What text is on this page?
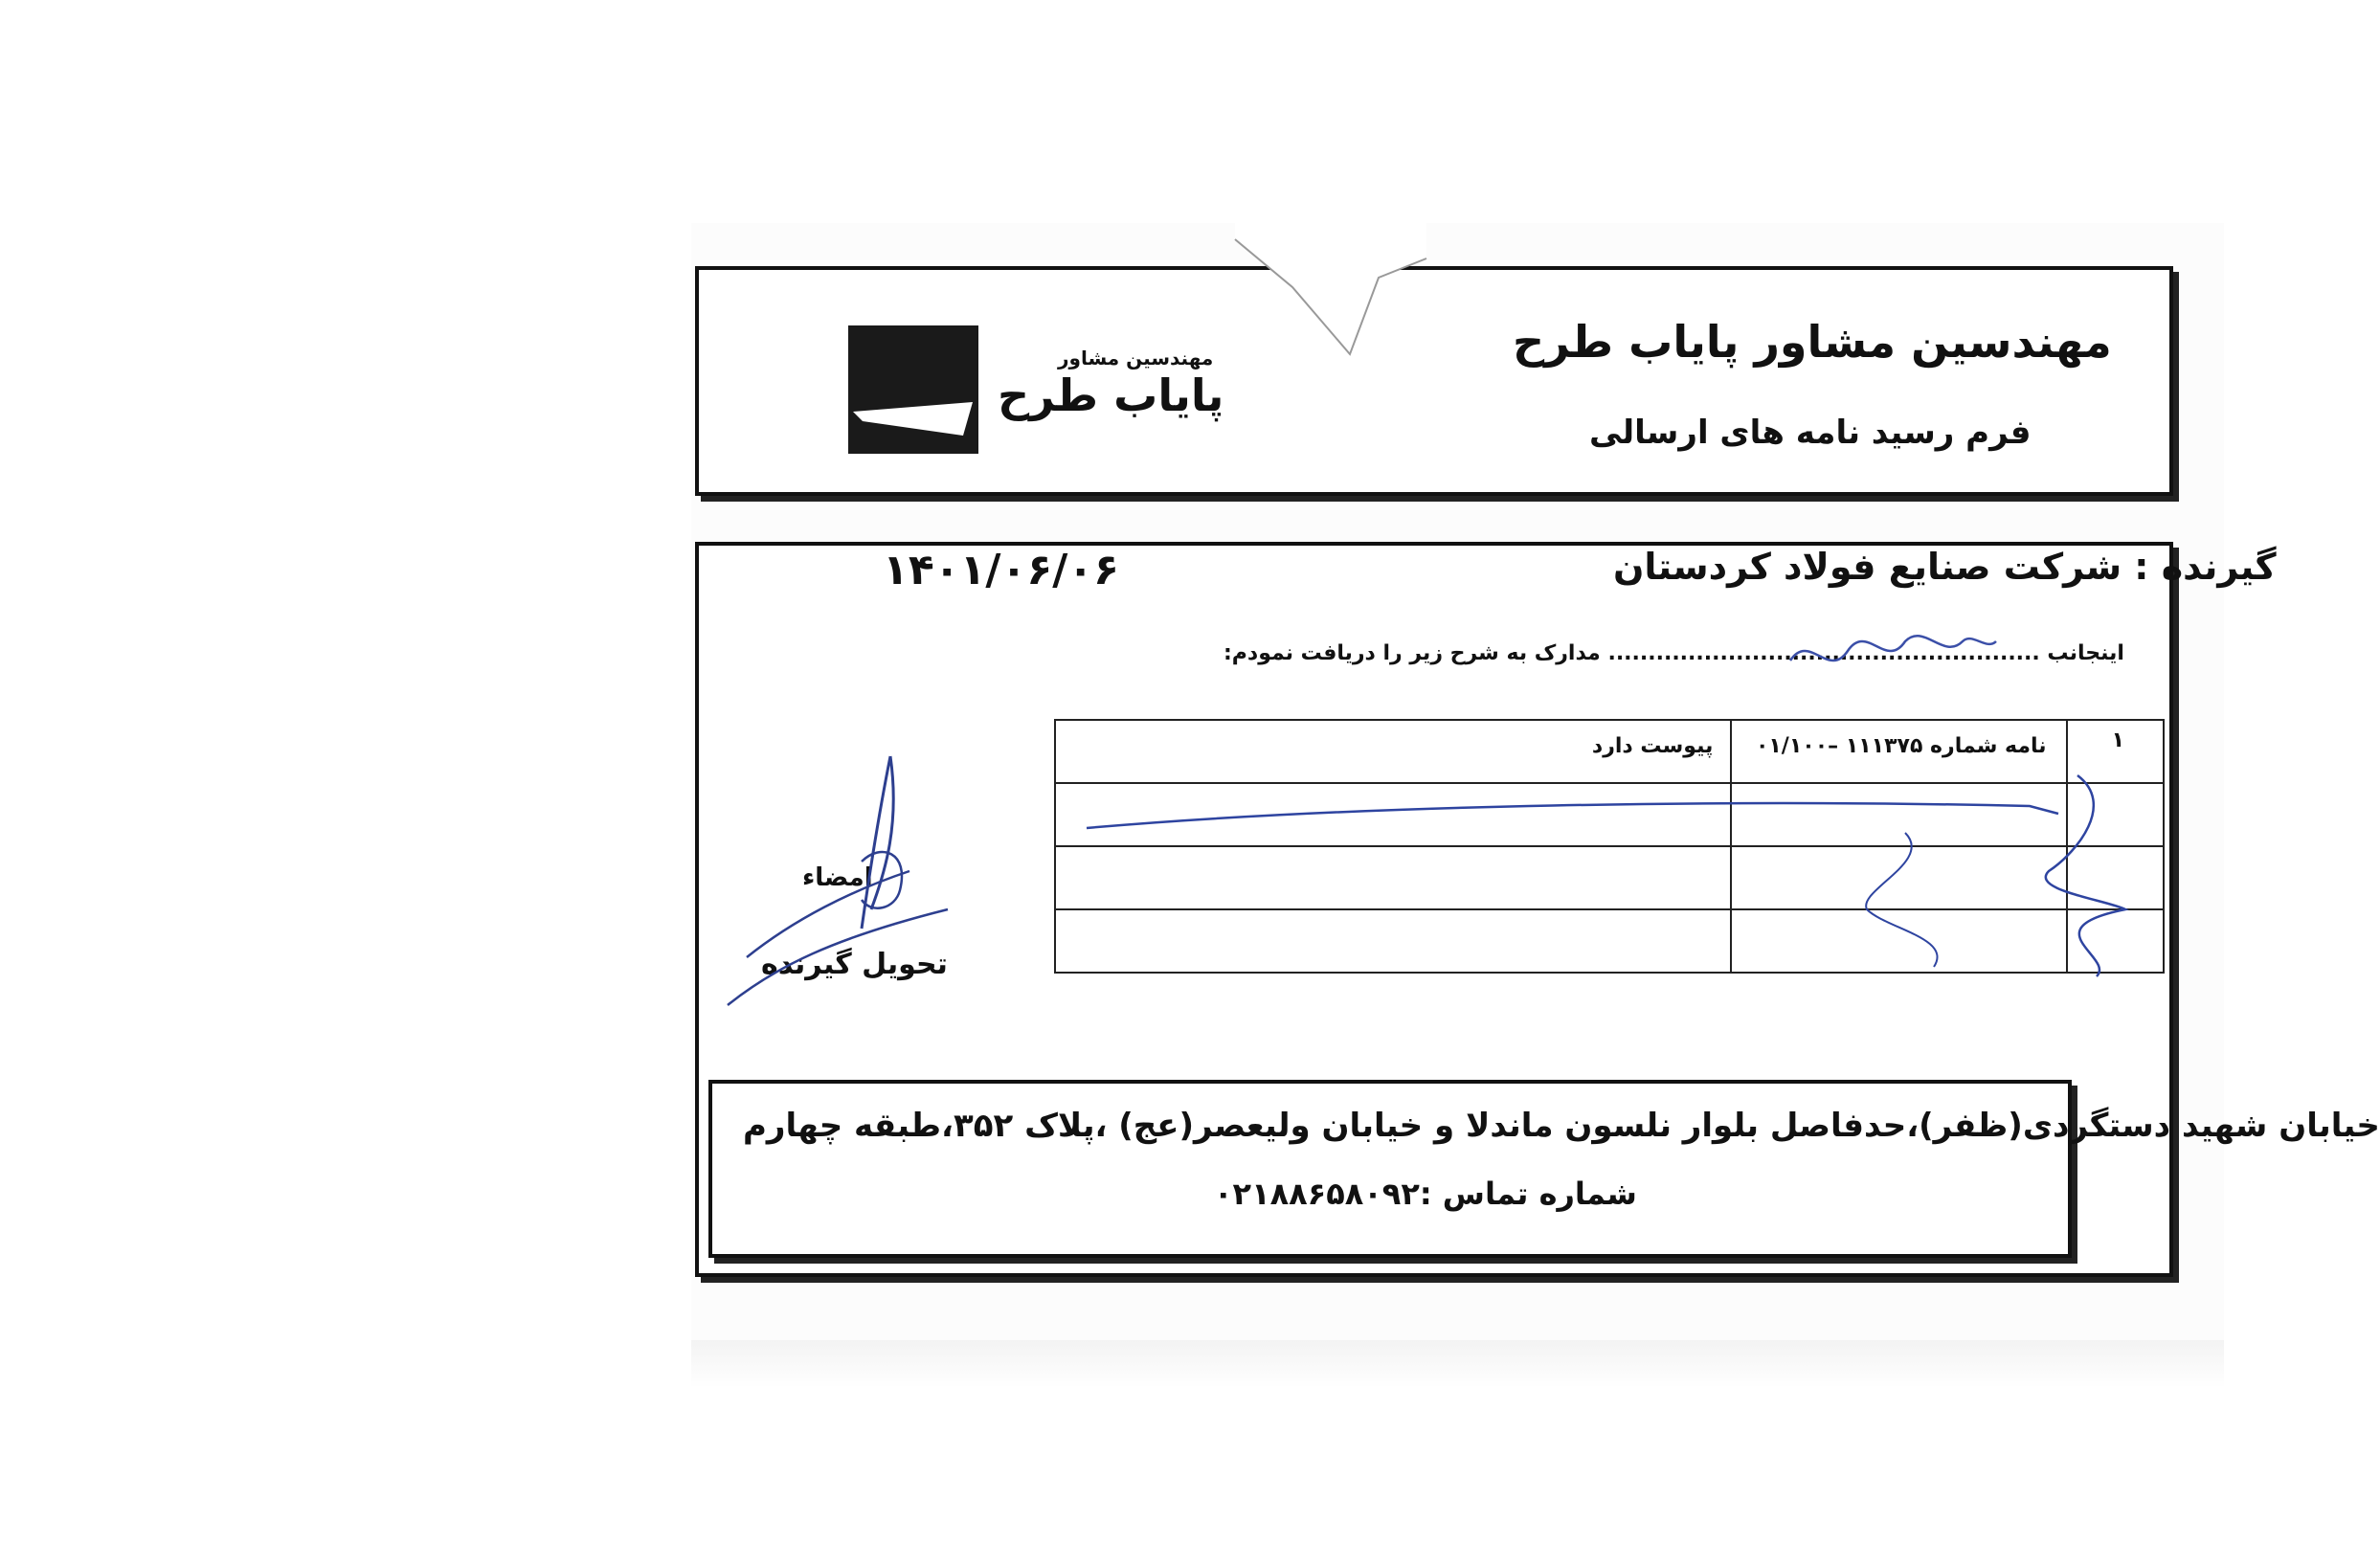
مهندسین مشاور پایاب طرح
فرم رسید نامه های ارسالی
مهندسین مشاور
پایاب طرح
گیرنده : شرکت صنایع فولاد کردستان
۱۴۰۱/۰۶/۰۶
اینجانب ...................................................... مدارک به شرح زیر را دریافت نمودم:
پیوست دارد	نامه شماره ۱۱۱۳۷۵ –۰۱/۱۰۰	۱

امضاء
تحویل گیرنده
خیابان شهید دستگردی(ظفر)،حدفاصل بلوار نلسون ماندلا و خیابان ولیعصر(عج) ،پلاک ۳۵۲،طبقه چهارم
شماره تماس :۰۲۱۸۸۶۵۸۰۹۲
